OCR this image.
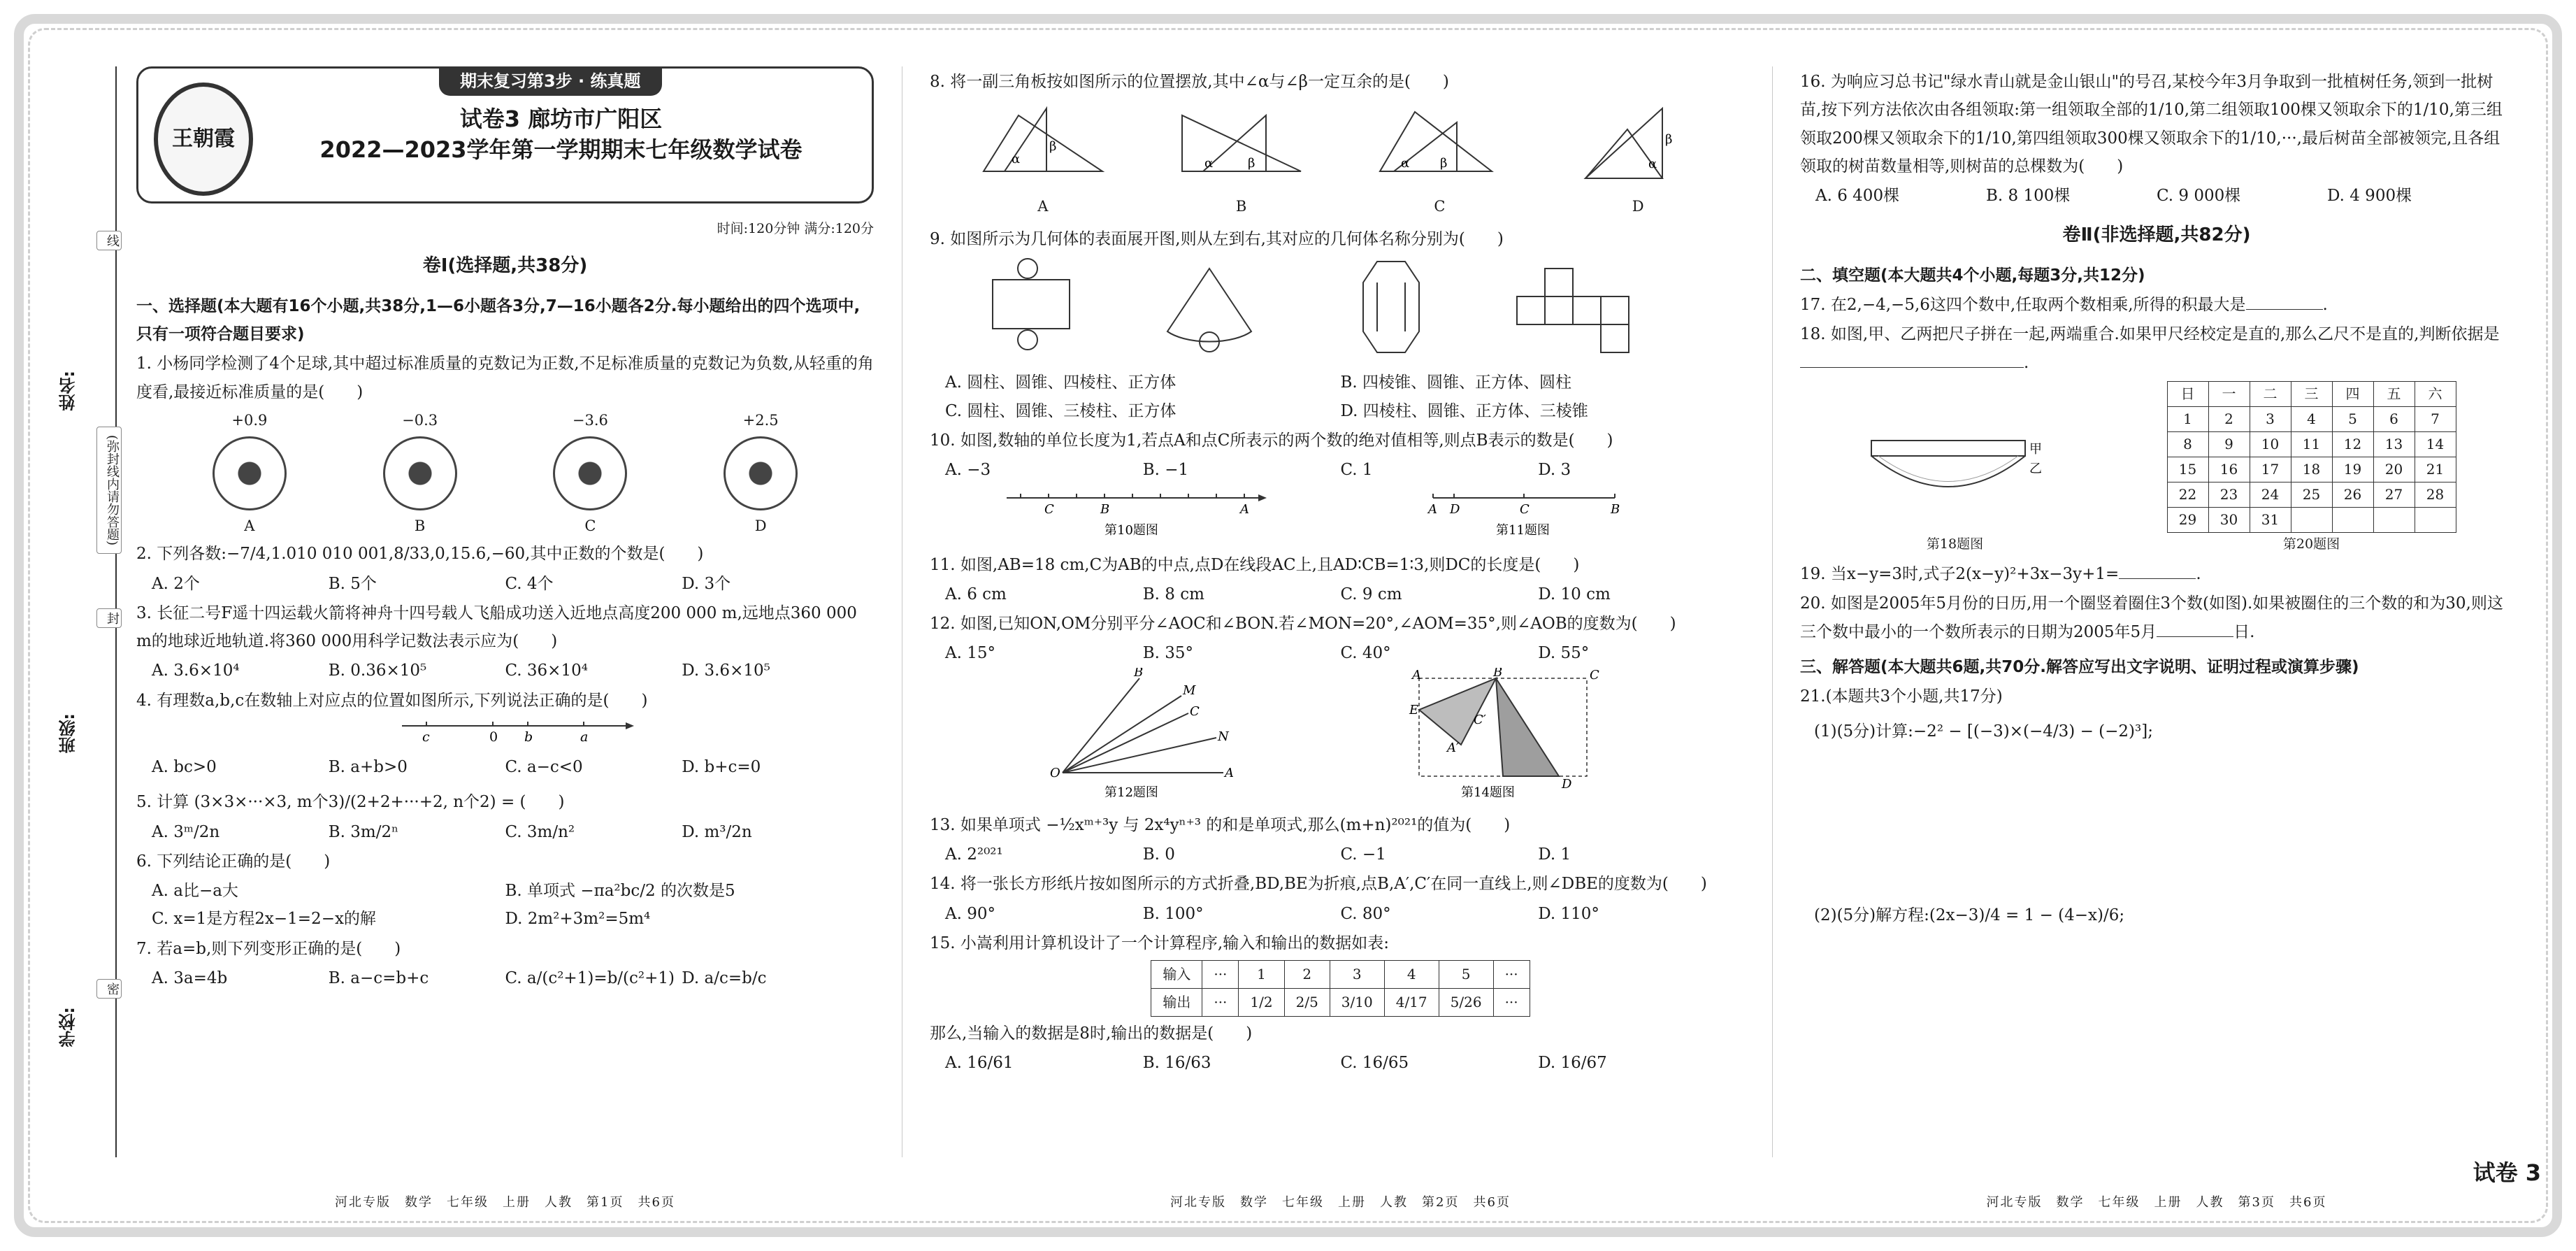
姓名:
班级:
学校:
线
(弥封线内请勿答题)
封
密
王朝霞
期末复习第3步 · 练真题
试卷3 廊坊市广阳区
2022—2023学年第一学期期末七年级数学试卷
时间:120分钟 满分:120分
卷Ⅰ(选择题,共38分)
一、选择题(本大题有16个小题,共38分,1—6小题各3分,7—16小题各2分.每小题给出的四个选项中,只有一项符合题目要求)
1. 小杨同学检测了4个足球,其中超过标准质量的克数记为正数,不足标准质量的克数记为负数,从轻重的角度看,最接近标准质量的是(　　)
+0.9
A
−0.3
B
−3.6
C
+2.5
D
2. 下列各数:−7/4,1.010 010 001,8/33,0,15.6,−60,其中正数的个数是(　　)
A. 2个	B. 5个	C. 4个	D. 3个
3. 长征二号F遥十四运载火箭将神舟十四号载人飞船成功送入近地点高度200 000 m,远地点360 000 m的地球近地轨道.将360 000用科学记数法表示应为(　　)
A. 3.6×10⁴	B. 0.36×10⁵	C. 36×10⁴	D. 3.6×10⁵
4. 有理数a,b,c在数轴上对应点的位置如图所示,下列说法正确的是(　　)
c	0 b	a
A. bc>0	B. a+b>0	C. a−c<0	D. b+c=0
5. 计算 (3×3×···×3, m个3)/(2+2+···+2, n个2) = (　　)
A. 3ᵐ/2n	B. 3m/2ⁿ	C. 3m/n²	D. m³/2n
6. 下列结论正确的是(　　)
A. a比−a大	B. 单项式 −πa²bc/2 的次数是5
C. x=1是方程2x−1=2−x的解	D. 2m²+3m²=5m⁴
7. 若a=b,则下列变形正确的是(　　)
A. 3a=4b	B. a−c=b+c	C. a/(c²+1)=b/(c²+1) D. a/c=b/c
河北专版　数学　七年级　上册　人教　第1页　共6页
8. 将一副三角板按如图所示的位置摆放,其中∠α与∠β一定互余的是(　　)
α
β
A
α	β
B
α β
C
α
β
D
9. 如图所示为几何体的表面展开图,则从左到右,其对应的几何体名称分别为(　　)
A. 圆柱、圆锥、四棱柱、正方体	B. 四棱锥、圆锥、正方体、圆柱
C. 圆柱、圆锥、三棱柱、正方体	D. 四棱柱、圆锥、正方体、三棱锥
10. 如图,数轴的单位长度为1,若点A和点C所表示的两个数的绝对值相等,则点B表示的数是(　　)
A. −3	B. −1	C. 1	D. 3
C	B	A
第10题图
A D	C	B
第11题图
11. 如图,AB=18 cm,C为AB的中点,点D在线段AC上,且AD∶CB=1∶3,则DC的长度是(　　)
A. 6 cm	B. 8 cm	C. 9 cm	D. 10 cm
12. 如图,已知ON,OM分别平分∠AOC和∠BON.若∠MON=20°,∠AOM=35°,则∠AOB的度数为(　　)
A. 15°	B. 35°	C. 40°	D. 55°
O
B
M
C
N
A
第12题图
A	B	C
E
A′
C′
D
第14题图
13. 如果单项式 −½xᵐ⁺³y 与 2x⁴yⁿ⁺³ 的和是单项式,那么(m+n)²⁰²¹的值为(　　)
A. 2²⁰²¹	B. 0	C. −1	D. 1
14. 将一张长方形纸片按如图所示的方式折叠,BD,BE为折痕,点B,A′,C′在同一直线上,则∠DBE的度数为(　　)
A. 90°	B. 100°	C. 80°	D. 110°
15. 小嵩利用计算机设计了一个计算程序,输入和输出的数据如表:
输入	···	1	2	3	4	5	···
输出	···	1/2	2/5	3/10	4/17	5/26	···
那么,当输入的数据是8时,输出的数据是(　　)
A. 16/61	B. 16/63	C. 16/65	D. 16/67
河北专版　数学　七年级　上册　人教　第2页　共6页
16. 为响应习总书记"绿水青山就是金山银山"的号召,某校今年3月争取到一批植树任务,领到一批树苗,按下列方法依次由各组领取:第一组领取全部的1/10,第二组领取100棵又领取余下的1/10,第三组领取200棵又领取余下的1/10,第四组领取300棵又领取余下的1/10,···,最后树苗全部被领完,且各组领取的树苗数量相等,则树苗的总棵数为(　　)
A. 6 400棵	B. 8 100棵	C. 9 000棵	D. 4 900棵
卷Ⅱ(非选择题,共82分)
二、填空题(本大题共4个小题,每题3分,共12分)
17. 在2,−4,−5,6这四个数中,任取两个数相乘,所得的积最大是	.
18. 如图,甲、乙两把尺子拼在一起,两端重合.如果甲尺经校定是直的,那么乙尺不是直的,判断依据是.
甲
乙
第18题图
日	一	二	三	四	五	六
1	2	3	4	5	6	7
8	9	10	11	12	13	14
15	16	17	18	19	20	21
22	23	24	25	26	27	28
29	30	31				
第20题图
19. 当x−y=3时,式子2(x−y)²+3x−3y+1=	.
20. 如图是2005年5月份的日历,用一个圈竖着圈住3个数(如图).如果被圈住的三个数的和为30,则这三个数中最小的一个数所表示的日期为2005年5月	日.
三、解答题(本大题共6题,共70分.解答应写出文字说明、证明过程或演算步骤)
21.(本题共3个小题,共17分)
(1)(5分)计算:−2² − [(−3)×(−4/3) − (−2)³];
(2)(5分)解方程:(2x−3)/4 = 1 − (4−x)/6;
河北专版　数学　七年级　上册　人教　第3页　共6页
试卷 3
